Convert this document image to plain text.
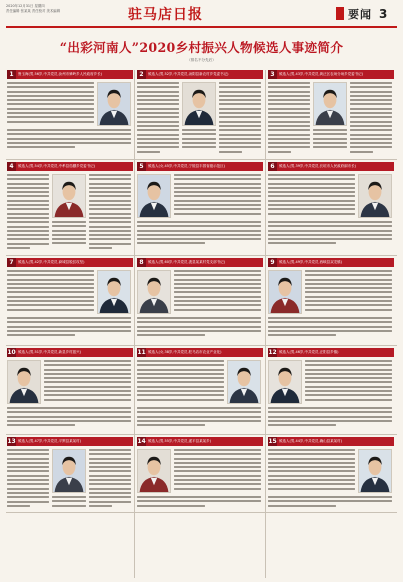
2020年12月31日 星期四
责任编辑 张某某 责任校对 美术编辑	驻马店日报	要闻 3
“出彩河南人”2020乡村振兴人物候选人事迹简介
（排名不分先后）
1	鲁玉海(男,56岁,中共党员,汝州市骑岭乡人民政府乡长)	2	候选人(男,52岁,中共党员,汤阴县新农村乡党委书记)	3	候选人(男,43岁,中共党员,黄泛区农场分场乡党委书记)
4	候选人(男,54岁,中共党员,中牟县茄棚乡党委书记)	5	候选人(女,45岁,中共党员,宁陵县丰园省级示范区)	6	候选人(男,39岁,中共党员,长垣市人民政府副市长)
7	候选人(男,42岁,中共党员,商城县脱贫攻坚)	8	候选人(男,60岁,中共党员,浚县某某村党支部书记)	9	候选人(男,49岁,中共党员,西峡县双龙镇)
10 候选人(男,51岁,中共党员,新县乡村振兴)	11 候选人(女,38岁,中共党员,驻马店市农业产业化)	12 候选人(男,46岁,中共党员,正阳县乡镇)
13 候选人(男,47岁,中共党员,平舆县某某村)	14 候选人(男,55岁,中共党员,遂平县某某乡)	15 候选人(男,44岁,中共党员,确山县某某村)
